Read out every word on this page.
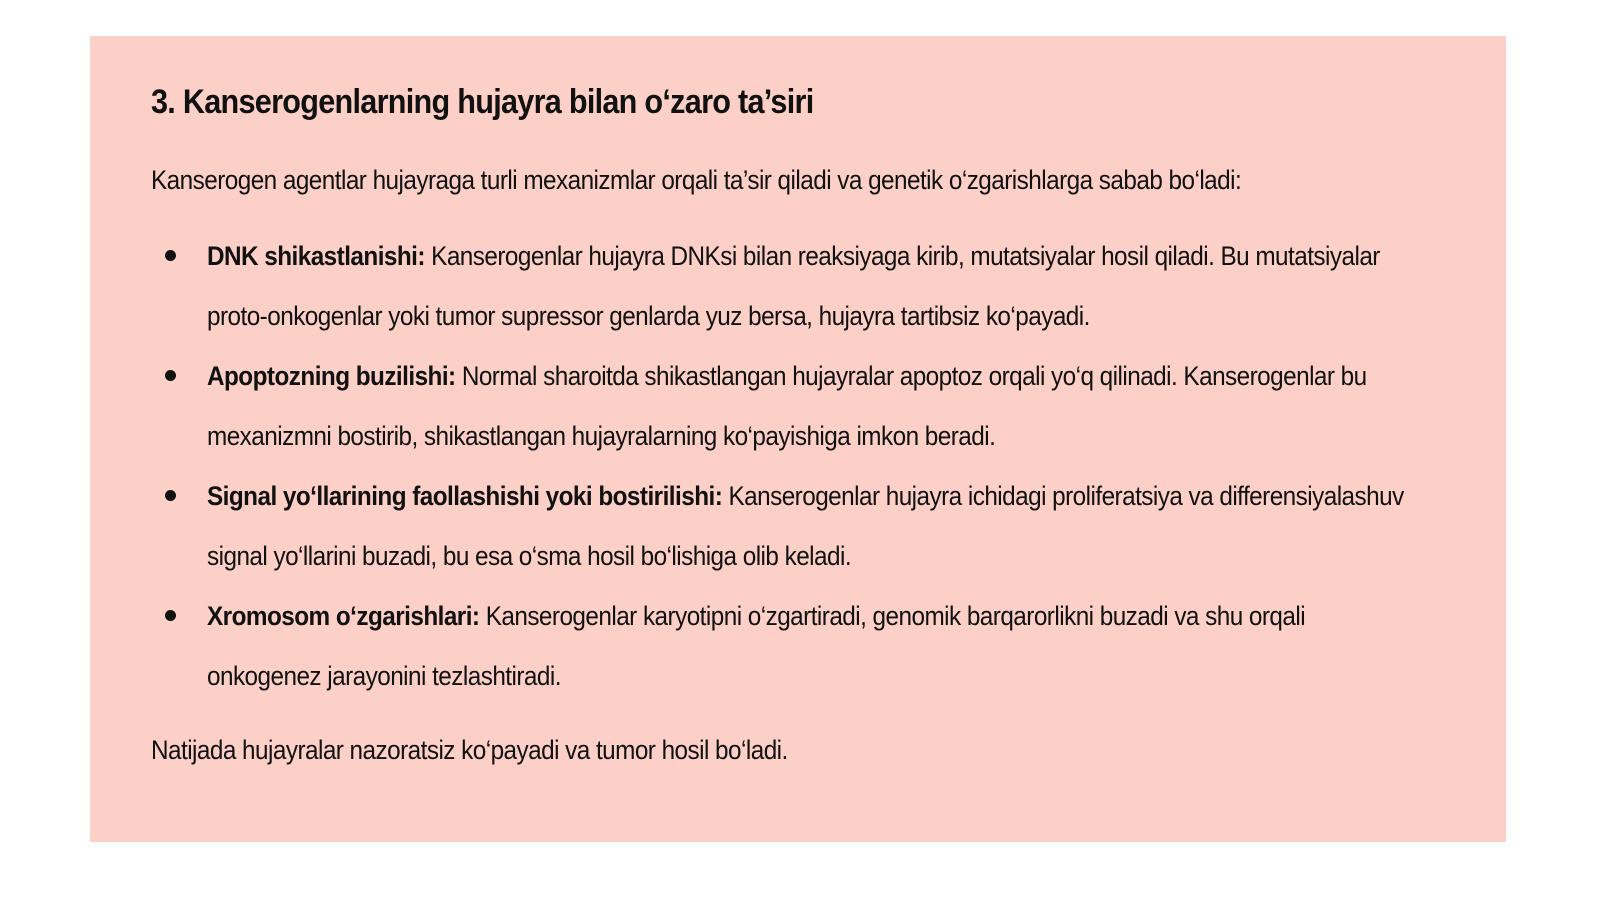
3. Kanserogenlarning hujayra bilan o‘zaro ta’siri

Kanserogen agentlar hujayraga turli mexanizmlar orqali ta’sir qiladi va genetik o‘zgarishlarga sabab bo‘ladi:

DNK shikastlanishi: Kanserogenlar hujayra DNKsi bilan reaksiyaga kirib, mutatsiyalar hosil qiladi. Bu mutatsiyalar proto-onkogenlar yoki tumor supressor genlarda yuz bersa, hujayra tartibsiz ko‘payadi.
Apoptozning buzilishi: Normal sharoitda shikastlangan hujayralar apoptoz orqali yo‘q qilinadi. Kanserogenlar bu mexanizmni bostirib, shikastlangan hujayralarning ko‘payishiga imkon beradi.
Signal yo‘llarining faollashishi yoki bostirilishi: Kanserogenlar hujayra ichidagi proliferatsiya va differensiyalashuv signal yo‘llarini buzadi, bu esa o‘sma hosil bo‘lishiga olib keladi.
Xromosom o‘zgarishlari: Kanserogenlar karyotipni o‘zgartiradi, genomik barqarorlikni buzadi va shu orqali onkogenez jarayonini tezlashtiradi.

Natijada hujayralar nazoratsiz ko‘payadi va tumor hosil bo‘ladi.
